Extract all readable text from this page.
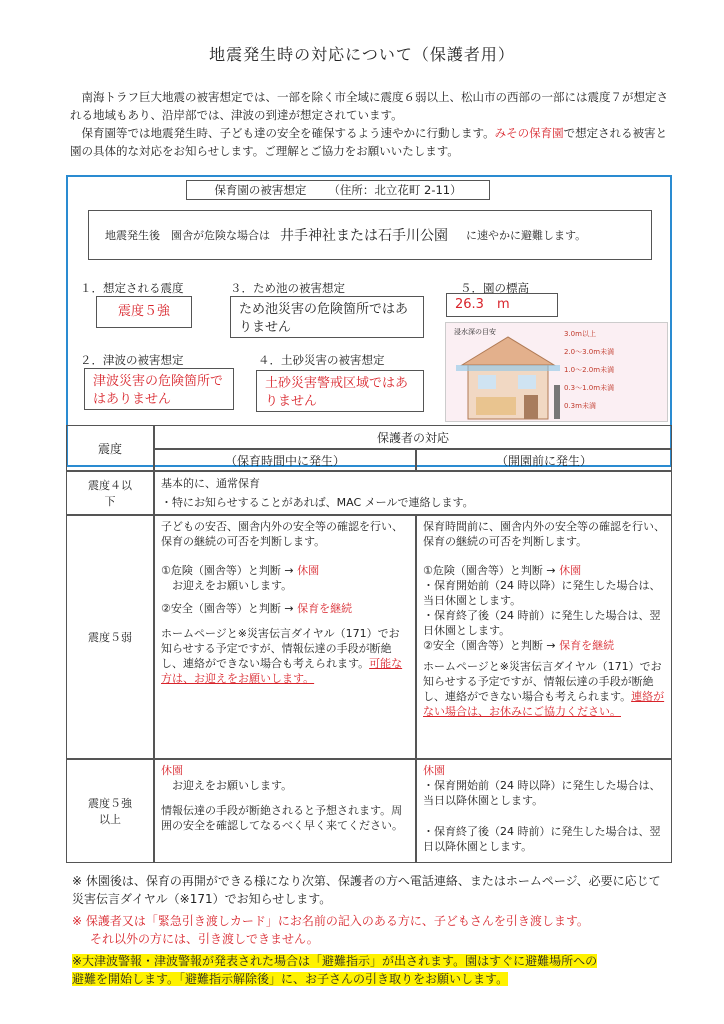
地震発生時の対応について（保護者用）

南海トラフ巨大地震の被害想定では、一部を除く市全域に震度６弱以上、松山市の西部の一部には震度７が想定される地域もあり、沿岸部では、津波の到達が想定されています。

保育園等では地震発生時、子ども達の安全を確保するよう速やかに行動します。みその保育園で想定される被害と園の具体的な対応をお知らせします。ご理解とご協力をお願いいたします。

保育園の被害想定 （住所：北立花町 2-11）
地震発生後　園舎が危険な場合は 井手神社または石手川公園 に速やかに避難します。
１．想定される震度
震度５強
３．ため池の被害想定
ため池災害の危険箇所ではありません
５．園の標高
26.3　m
２．津波の被害想定
津波災害の危険箇所ではありません
４．土砂災害の被害想定
土砂災害警戒区域ではありません
浸水深の目安	3.0m以上
2.0～3.0m未満
1.0～2.0m未満
0.3～1.0m未満
0.3m未満
震度
保護者の対応
（保育時間中に発生）	（開園前に発生）
震度４以下
基本的に、通常保育
・特にお知らせすることがあれば、MAC メールで連絡します。
震度５弱
子どもの安否、園舎内外の安全等の確認を行い、保育の継続の可否を判断します。
①危険（園舎等）と判断 → 休園
お迎えをお願いします。
②安全（園舎等）と判断 → 保育を継続
ホームページと※災害伝言ダイヤル（171）でお知らせする予定ですが、情報伝達の手段が断絶し、連絡ができない場合も考えられます。可能な方は、お迎えをお願いします。
保育時間前に、園舎内外の安全等の確認を行い、保育の継続の可否を判断します。
①危険（園舎等）と判断 → 休園
・保育開始前（24 時以降）に発生した場合は、当日休園とします。
・保育終了後（24 時前）に発生した場合は、翌日休園とします。
②安全（園舎等）と判断 → 保育を継続
ホームページと※災害伝言ダイヤル（171）でお知らせする予定ですが、情報伝達の手段が断絶し、連絡ができない場合も考えられます。連絡がない場合は、お休みにご協力ください。
震度５強以上
休園
お迎えをお願いします。
情報伝達の手段が断絶されると予想されます。周囲の安全を確認してなるべく早く来てください。
休園
・保育開始前（24 時以降）に発生した場合は、当日以降休園とします。
・保育終了後（24 時前）に発生した場合は、翌日以降休園とします。
※ 休園後は、保育の再開ができる様になり次第、保護者の方へ電話連絡、またはホームページ、必要に応じて災害伝言ダイヤル（※171）でお知らせします。
※ 保護者又は「緊急引き渡しカード」にお名前の記入のある方に、子どもさんを引き渡します。
それ以外の方には、引き渡しできません。
※大津波警報・津波警報が発表された場合は「避難指示」が出されます。園はすぐに避難場所への
避難を開始します。「避難指示解除後」に、お子さんの引き取りをお願いします。
